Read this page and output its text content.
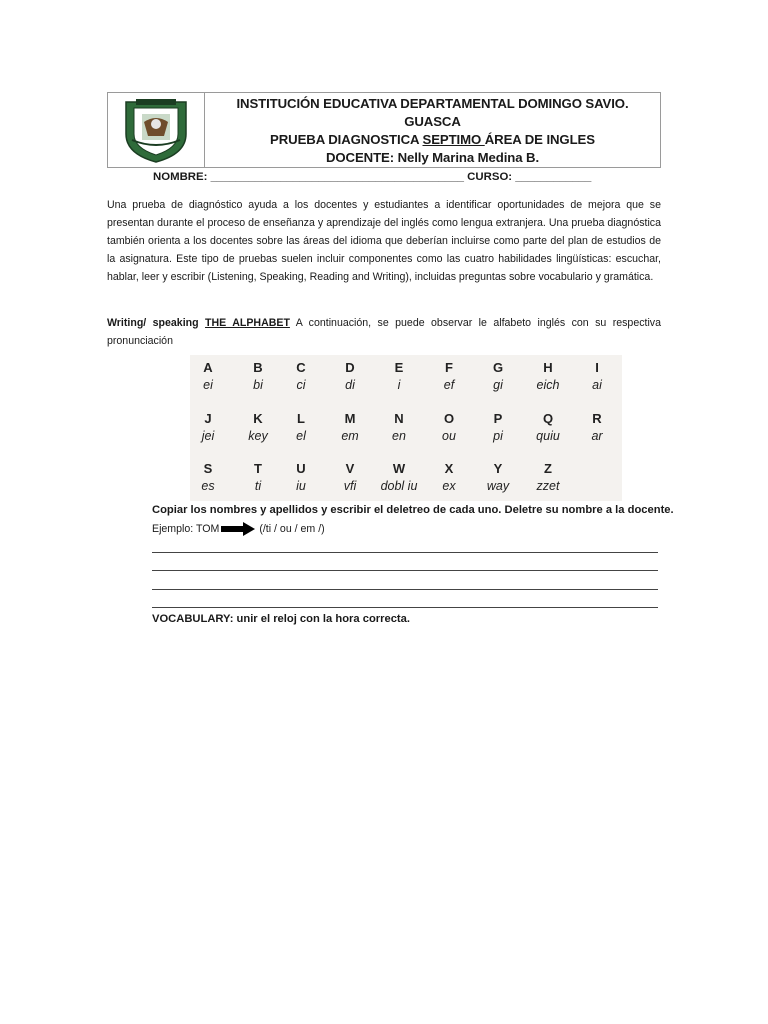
INSTITUCIÓN EDUCATIVA DEPARTAMENTAL DOMINGO SAVIO.
GUASCA
PRUEBA DIAGNOSTICA SEPTIMO ÁREA DE INGLES
DOCENTE: Nelly Marina Medina B.
NOMBRE: ________________________________________ CURSO: ____________
Una prueba de diagnóstico ayuda a los docentes y estudiantes a identificar oportunidades de mejora que se presentan durante el proceso de enseñanza y aprendizaje del inglés como lengua extranjera. Una prueba diagnóstica también orienta a los docentes sobre las áreas del idioma que deberían incluirse como parte del plan de estudios de la asignatura. Este tipo de pruebas suelen incluir componentes como las cuatro habilidades lingüísticas: escuchar, hablar, leer y escribir (Listening, Speaking, Reading and Writing), incluidas preguntas sobre vocabulario y gramática.
Writing/ speaking THE ALPHABET A continuación, se puede observar le alfabeto inglés con su respectiva pronunciación
A
ei
B
bi
C
ci
D
di
E
i
F
ef
G
gi
H
eich
I
ai
J
jei
K
key
L
el
M
em
N
en
O
ou
P
pi
Q
quiu
R
ar
S
es
T
ti
U
iu
V
vfi
W
dobl iu
X
ex
Y
way
Z
zzet
Copiar los nombres y apellidos y escribir el deletreo de cada uno. Deletre su nombre a la docente.
Ejemplo: TOM	(/ti / ou / em /)
VOCABULARY: unir el reloj con la hora correcta.
